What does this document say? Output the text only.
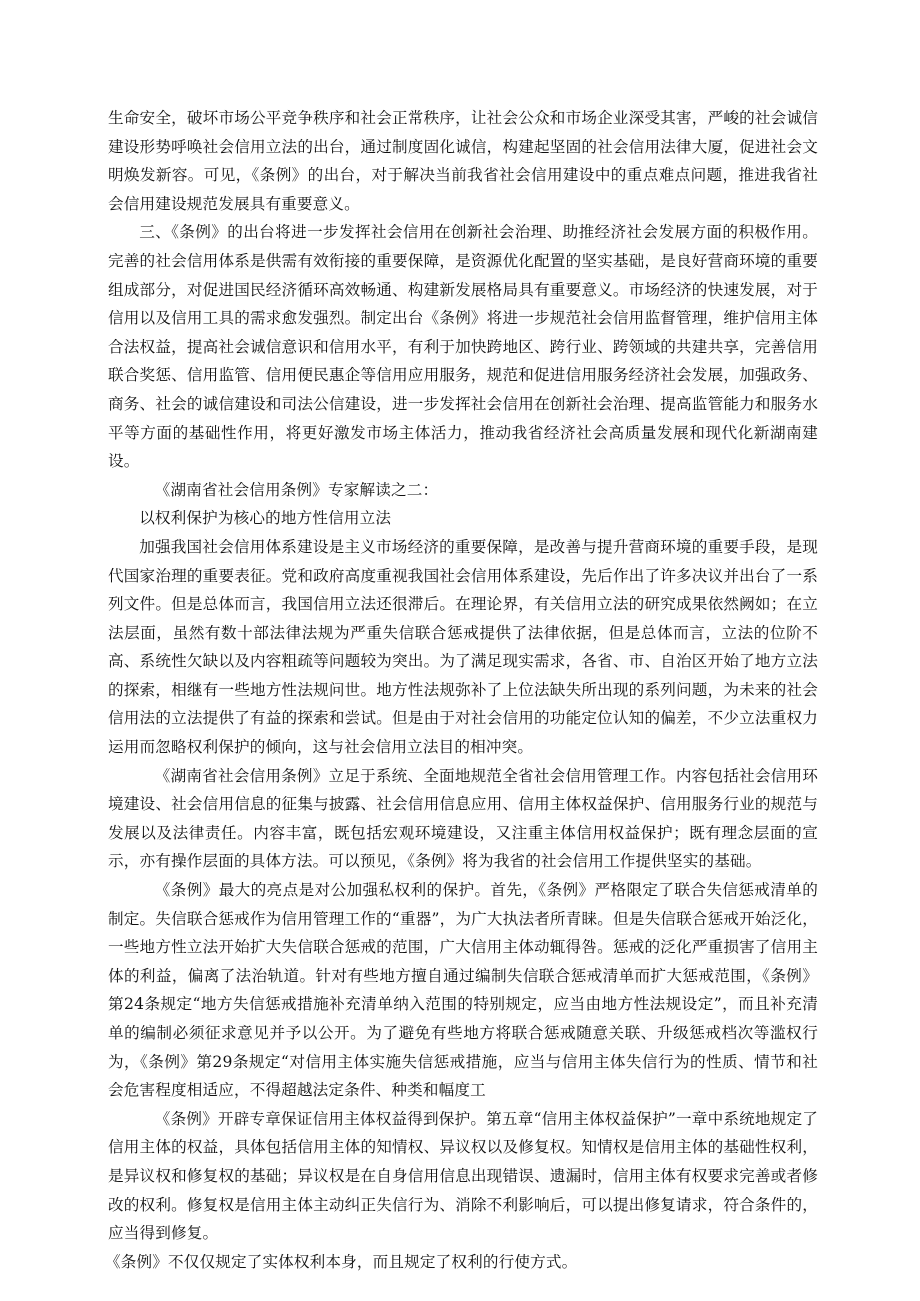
生命安全，破坏市场公平竞争秩序和社会正常秩序，让社会公众和市场企业深受其害，严峻的社会诚信建设形势呼唤社会信用立法的出台，通过制度固化诚信，构建起坚固的社会信用法律大厦，促进社会文明焕发新容。可见，《条例》的出台，对于解决当前我省社会信用建设中的重点难点问题，推进我省社会信用建设规范发展具有重要意义。

三、《条例》的出台将进一步发挥社会信用在创新社会治理、助推经济社会发展方面的积极作用。完善的社会信用体系是供需有效衔接的重要保障，是资源优化配置的坚实基础，是良好营商环境的重要组成部分，对促进国民经济循环高效畅通、构建新发展格局具有重要意义。市场经济的快速发展，对于信用以及信用工具的需求愈发强烈。制定出台《条例》将进一步规范社会信用监督管理，维护信用主体合法权益，提高社会诚信意识和信用水平，有利于加快跨地区、跨行业、跨领域的共建共享，完善信用联合奖惩、信用监管、信用便民惠企等信用应用服务，规范和促进信用服务经济社会发展，加强政务、商务、社会的诚信建设和司法公信建设，进一步发挥社会信用在创新社会治理、提高监管能力和服务水平等方面的基础性作用，将更好激发市场主体活力，推动我省经济社会高质量发展和现代化新湖南建设。

《湖南省社会信用条例》专家解读之二：

以权利保护为核心的地方性信用立法

加强我国社会信用体系建设是主义市场经济的重要保障，是改善与提升营商环境的重要手段，是现代国家治理的重要表征。党和政府高度重视我国社会信用体系建设，先后作出了许多决议并出台了一系列文件。但是总体而言，我国信用立法还很滞后。在理论界，有关信用立法的研究成果依然阙如；在立法层面，虽然有数十部法律法规为严重失信联合惩戒提供了法律依据，但是总体而言，立法的位阶不高、系统性欠缺以及内容粗疏等问题较为突出。为了满足现实需求，各省、市、自治区开始了地方立法的探索，相继有一些地方性法规问世。地方性法规弥补了上位法缺失所出现的系列问题，为未来的社会信用法的立法提供了有益的探索和尝试。但是由于对社会信用的功能定位认知的偏差，不少立法重权力运用而忽略权利保护的倾向，这与社会信用立法目的相冲突。

《湖南省社会信用条例》立足于系统、全面地规范全省社会信用管理工作。内容包括社会信用环境建设、社会信用信息的征集与披露、社会信用信息应用、信用主体权益保护、信用服务行业的规范与发展以及法律责任。内容丰富，既包括宏观环境建设，又注重主体信用权益保护；既有理念层面的宣示，亦有操作层面的具体方法。可以预见，《条例》将为我省的社会信用工作提供坚实的基础。

《条例》最大的亮点是对公加强私权利的保护。首先，《条例》严格限定了联合失信惩戒清单的制定。失信联合惩戒作为信用管理工作的“重器”，为广大执法者所青睐。但是失信联合惩戒开始泛化，一些地方性立法开始扩大失信联合惩戒的范围，广大信用主体动辄得咎。惩戒的泛化严重损害了信用主体的利益，偏离了法治轨道。针对有些地方擅自通过编制失信联合惩戒清单而扩大惩戒范围，《条例》第24条规定“地方失信惩戒措施补充清单纳入范围的特别规定，应当由地方性法规设定”，而且补充清单的编制必须征求意见并予以公开。为了避免有些地方将联合惩戒随意关联、升级惩戒档次等滥权行为，《条例》第29条规定“对信用主体实施失信惩戒措施，应当与信用主体失信行为的性质、情节和社会危害程度相适应，不得超越法定条件、种类和幅度工

《条例》开辟专章保证信用主体权益得到保护。第五章“信用主体权益保护”一章中系统地规定了信用主体的权益，具体包括信用主体的知情权、异议权以及修复权。知情权是信用主体的基础性权利，是异议权和修复权的基础；异议权是在自身信用信息出现错误、遗漏时，信用主体有权要求完善或者修改的权利。修复权是信用主体主动纠正失信行为、消除不利影响后，可以提出修复请求，符合条件的，应当得到修复。

《条例》不仅仅规定了实体权利本身，而且规定了权利的行使方式。
